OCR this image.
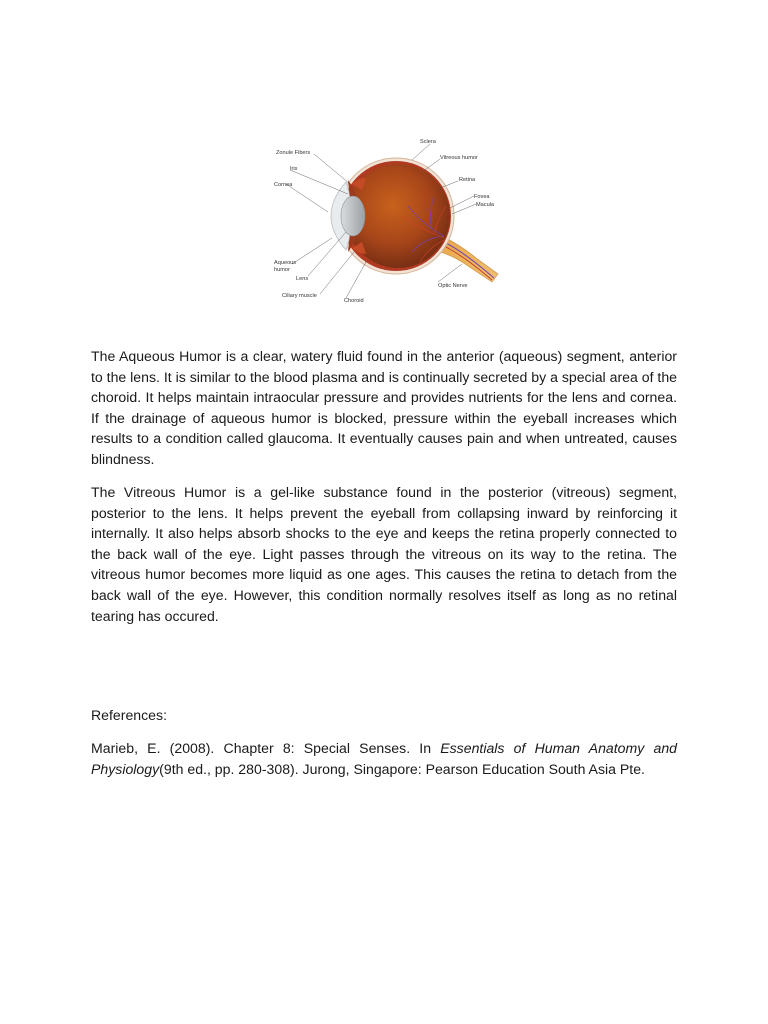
Sclera
Vitreous humor
Retina
Fovea
Macula
Zonule Fibers
Iris
Cornea
Aqueous
humor
Lens
Ciliary muscle
Choroid
Optic Nerve

The Aqueous Humor is a clear, watery fluid found in the anterior (aqueous) segment, anterior to the lens. It is similar to the blood plasma and is continually secreted by a special area of the choroid. It helps maintain intraocular pressure and provides nutrients for the lens and cornea. If the drainage of aqueous humor is blocked, pressure within the eyeball increases which results to a condition called glaucoma. It eventually causes pain and when untreated, causes blindness.

The Vitreous Humor is a gel-like substance found in the posterior (vitreous) segment, posterior to the lens. It helps prevent the eyeball from collapsing inward by reinforcing it internally. It also helps absorb shocks to the eye and keeps the retina properly connected to the back wall of the eye. Light passes through the vitreous on its way to the retina. The vitreous humor becomes more liquid as one ages. This causes the retina to detach from the back wall of the eye. However, this condition normally resolves itself as long as no retinal tearing has occured.

References:

Marieb, E. (2008). Chapter 8: Special Senses. In Essentials of Human Anatomy and Physiology(9th ed., pp. 280-308). Jurong, Singapore: Pearson Education South Asia Pte.
